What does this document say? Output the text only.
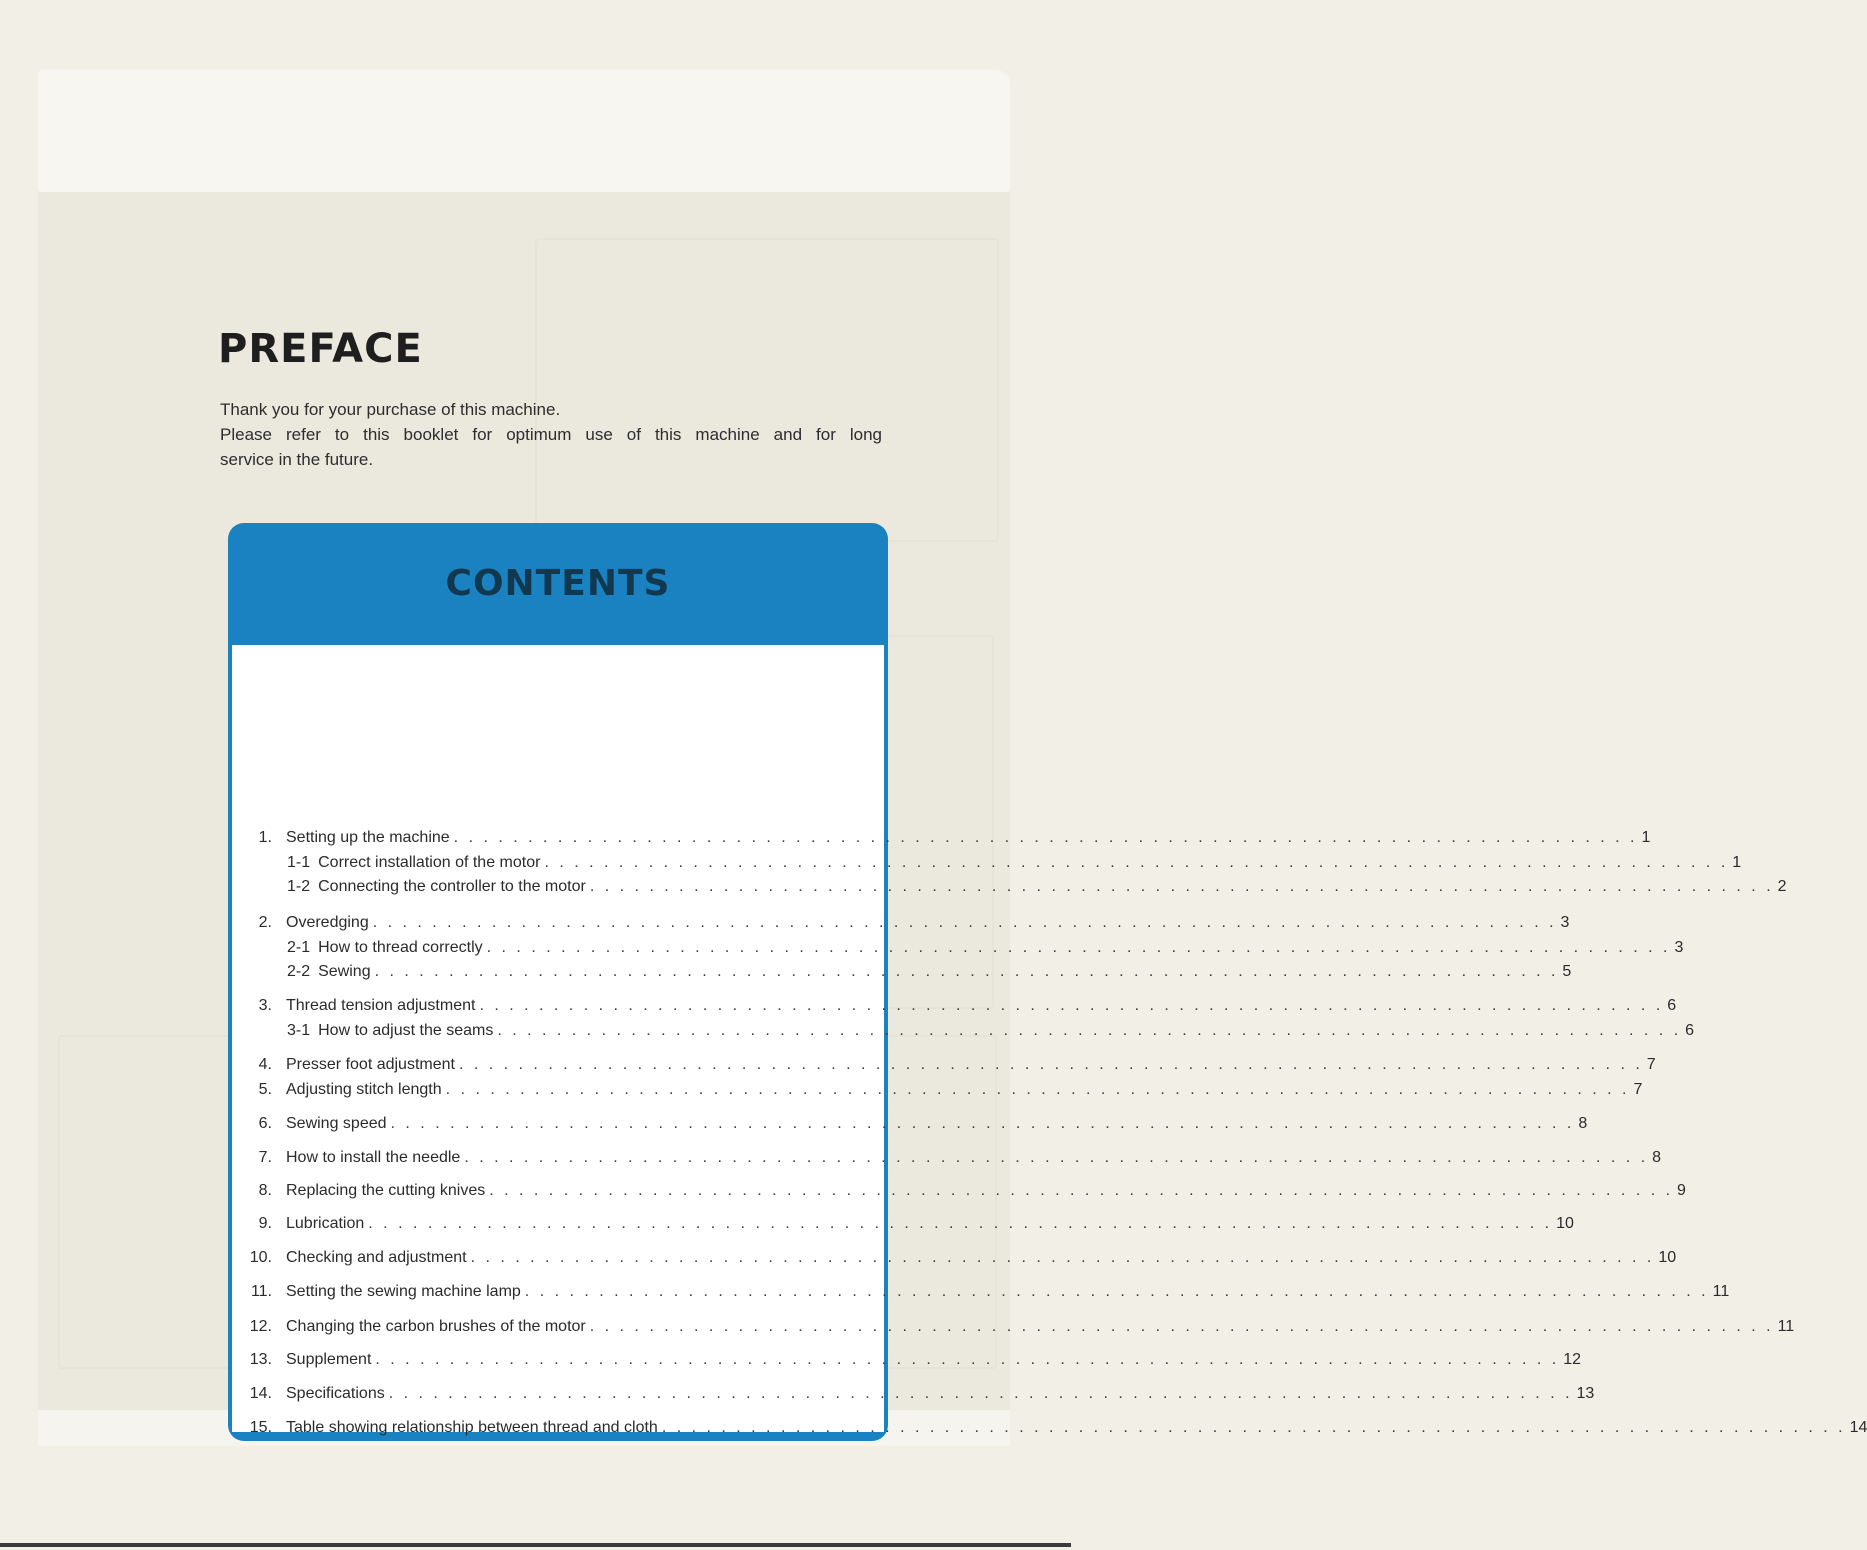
PREFACE

Thank you for your purchase of this machine.

Please refer to this booklet for optimum use of this machine and for long

service in the future.

CONTENTS
1. Setting up the machine . . . . . . . . . . . . . . . . . . . . . . . . . . . . . . . . . . . . . . . . . . . . . . . . . . . . . . . . . . . . . . . . . . . . . . . . . . . . . . . . 1
1-1 Correct installation of the motor . . . . . . . . . . . . . . . . . . . . . . . . . . . . . . . . . . . . . . . . . . . . . . . . . . . . . . . . . . . . . . . . . . . . . . . . . . . . . . . . 1
1-2 Connecting the controller to the motor . . . . . . . . . . . . . . . . . . . . . . . . . . . . . . . . . . . . . . . . . . . . . . . . . . . . . . . . . . . . . . . . . . . . . . . . . . . . . . . . 2
2. Overedging . . . . . . . . . . . . . . . . . . . . . . . . . . . . . . . . . . . . . . . . . . . . . . . . . . . . . . . . . . . . . . . . . . . . . . . . . . . . . . . . 3
2-1 How to thread correctly . . . . . . . . . . . . . . . . . . . . . . . . . . . . . . . . . . . . . . . . . . . . . . . . . . . . . . . . . . . . . . . . . . . . . . . . . . . . . . . . 3
2-2 Sewing . . . . . . . . . . . . . . . . . . . . . . . . . . . . . . . . . . . . . . . . . . . . . . . . . . . . . . . . . . . . . . . . . . . . . . . . . . . . . . . . 5
3. Thread tension adjustment . . . . . . . . . . . . . . . . . . . . . . . . . . . . . . . . . . . . . . . . . . . . . . . . . . . . . . . . . . . . . . . . . . . . . . . . . . . . . . . . 6
3-1 How to adjust the seams . . . . . . . . . . . . . . . . . . . . . . . . . . . . . . . . . . . . . . . . . . . . . . . . . . . . . . . . . . . . . . . . . . . . . . . . . . . . . . . . 6
4. Presser foot adjustment . . . . . . . . . . . . . . . . . . . . . . . . . . . . . . . . . . . . . . . . . . . . . . . . . . . . . . . . . . . . . . . . . . . . . . . . . . . . . . . . 7
5. Adjusting stitch length . . . . . . . . . . . . . . . . . . . . . . . . . . . . . . . . . . . . . . . . . . . . . . . . . . . . . . . . . . . . . . . . . . . . . . . . . . . . . . . . 7
6. Sewing speed . . . . . . . . . . . . . . . . . . . . . . . . . . . . . . . . . . . . . . . . . . . . . . . . . . . . . . . . . . . . . . . . . . . . . . . . . . . . . . . . 8
7. How to install the needle . . . . . . . . . . . . . . . . . . . . . . . . . . . . . . . . . . . . . . . . . . . . . . . . . . . . . . . . . . . . . . . . . . . . . . . . . . . . . . . . 8
8. Replacing the cutting knives . . . . . . . . . . . . . . . . . . . . . . . . . . . . . . . . . . . . . . . . . . . . . . . . . . . . . . . . . . . . . . . . . . . . . . . . . . . . . . . . 9
9. Lubrication . . . . . . . . . . . . . . . . . . . . . . . . . . . . . . . . . . . . . . . . . . . . . . . . . . . . . . . . . . . . . . . . . . . . . . . . . . . . . . . . 10
10. Checking and adjustment . . . . . . . . . . . . . . . . . . . . . . . . . . . . . . . . . . . . . . . . . . . . . . . . . . . . . . . . . . . . . . . . . . . . . . . . . . . . . . . . 10
11. Setting the sewing machine lamp . . . . . . . . . . . . . . . . . . . . . . . . . . . . . . . . . . . . . . . . . . . . . . . . . . . . . . . . . . . . . . . . . . . . . . . . . . . . . . . . 11
12. Changing the carbon brushes of the motor . . . . . . . . . . . . . . . . . . . . . . . . . . . . . . . . . . . . . . . . . . . . . . . . . . . . . . . . . . . . . . . . . . . . . . . . . . . . . . . . 11
13. Supplement . . . . . . . . . . . . . . . . . . . . . . . . . . . . . . . . . . . . . . . . . . . . . . . . . . . . . . . . . . . . . . . . . . . . . . . . . . . . . . . . 12
14. Specifications . . . . . . . . . . . . . . . . . . . . . . . . . . . . . . . . . . . . . . . . . . . . . . . . . . . . . . . . . . . . . . . . . . . . . . . . . . . . . . . . 13
15. Table showing relationship between thread and cloth . . . . . . . . . . . . . . . . . . . . . . . . . . . . . . . . . . . . . . . . . . . . . . . . . . . . . . . . . . . . . . . . . . . . . . . . . . . . . . . . 14
